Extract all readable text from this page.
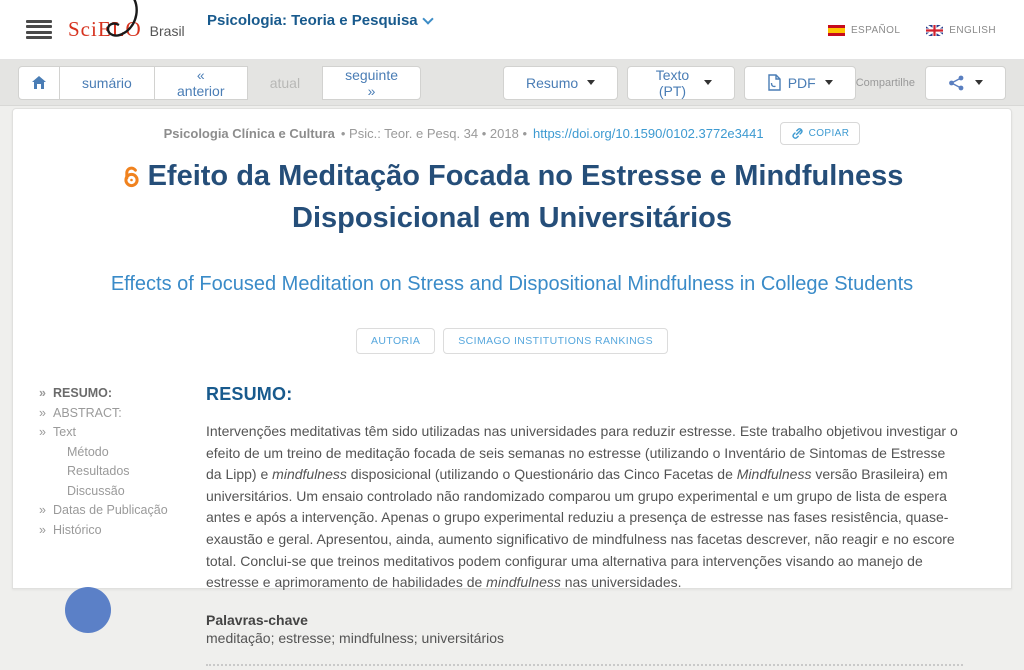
SciELO Brasil
Psicologia: Teoria e Pesquisa
ESPAÑOL	ENGLISH
sumário	« anterior	atual	seguinte »	Resumo	Texto (PT)	PDF	Compartilhe
Psicologia Clínica e Cultura • Psic.: Teor. e Pesq. 34 • 2018 • https://doi.org/10.1590/0102.3772e3441	COPIAR
Efeito da Meditação Focada no Estresse e Mindfulness Disposicional em Universitários
Effects of Focused Meditation on Stress and Dispositional Mindfulness in College Students
AUTORIA	SCIMAGO INSTITUTIONS RANKINGS
» RESUMO:
» ABSTRACT:
» Text
Método
Resultados
Discussão
» Datas de Publicação
» Histórico
RESUMO:

Intervenções meditativas têm sido utilizadas nas universidades para reduzir estresse. Este trabalho objetivou investigar o efeito de um treino de meditação focada de seis semanas no estresse (utilizando o Inventário de Sintomas de Estresse da Lipp) e mindfulness disposicional (utilizando o Questionário das Cinco Facetas de Mindfulness versão Brasileira) em universitários. Um ensaio controlado não randomizado comparou um grupo experimental e um grupo de lista de espera antes e após a intervenção. Apenas o grupo experimental reduziu a presença de estresse nas fases resistência, quase-exaustão e geral. Apresentou, ainda, aumento significativo de mindfulness nas facetas descrever, não reagir e no escore total. Conclui-se que treinos meditativos podem configurar uma alternativa para intervenções visando ao manejo de estresse e aprimoramento de habilidades de mindfulness nas universidades.

Palavras-chave
meditação; estresse; mindfulness; universitários
